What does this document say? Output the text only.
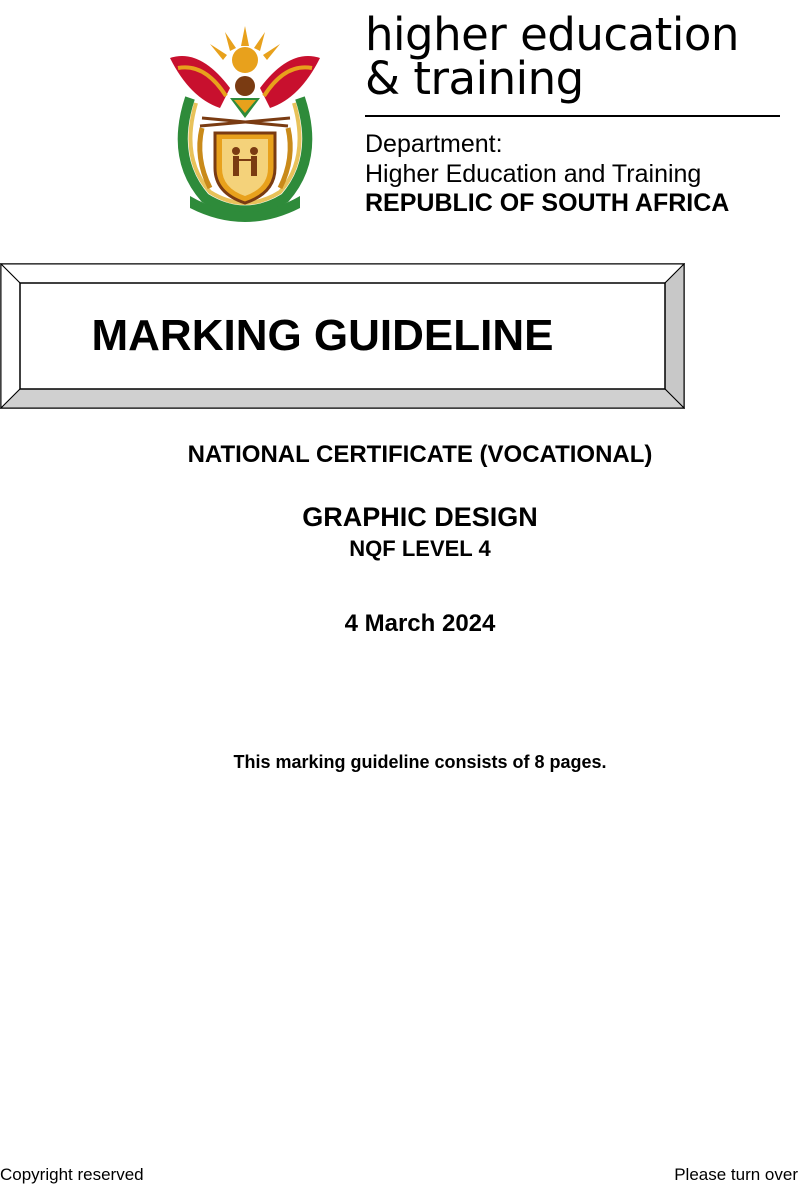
higher education
& training
Department:
Higher Education and Training
REPUBLIC OF SOUTH AFRICA
MARKING GUIDELINE
NATIONAL CERTIFICATE (VOCATIONAL)
GRAPHIC DESIGN
NQF LEVEL 4
4 March 2024
This marking guideline consists of 8 pages.
Copyright reserved	Please turn over
